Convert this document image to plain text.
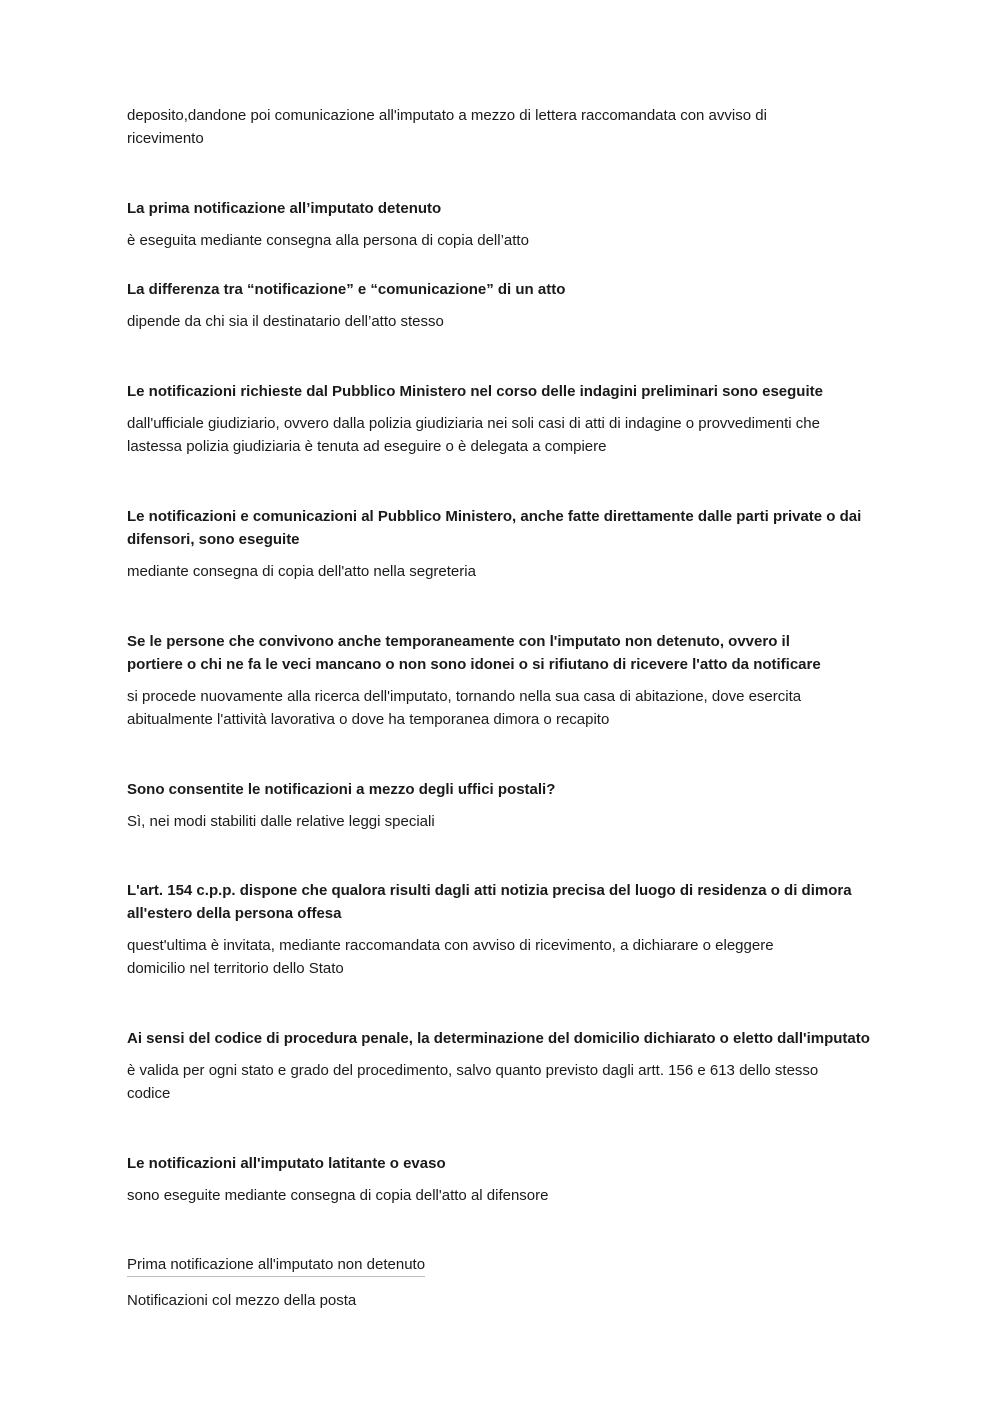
deposito,dandone poi comunicazione all'imputato a mezzo di lettera raccomandata con avviso di
ricevimento
La prima notificazione all’imputato detenuto
è eseguita mediante consegna alla persona di copia dell’atto
La differenza tra “notificazione” e “comunicazione” di un atto
dipende da chi sia il destinatario dell’atto stesso
Le notificazioni richieste dal Pubblico Ministero nel corso delle indagini preliminari sono eseguite
dall'ufficiale giudiziario, ovvero dalla polizia giudiziaria nei soli casi di atti di indagine o provvedimenti che
lastessa polizia giudiziaria è tenuta ad eseguire o è delegata a compiere
Le notificazioni e comunicazioni al Pubblico Ministero, anche fatte direttamente dalle parti private o dai
difensori, sono eseguite
mediante consegna di copia dell'atto nella segreteria
Se le persone che convivono anche temporaneamente con l'imputato non detenuto, ovvero il
portiere o chi ne fa le veci mancano o non sono idonei o si rifiutano di ricevere l'atto da notificare
si procede nuovamente alla ricerca dell'imputato, tornando nella sua casa di abitazione, dove esercita
abitualmente l'attività lavorativa o dove ha temporanea dimora o recapito
Sono consentite le notificazioni a mezzo degli uffici postali?
Sì, nei modi stabiliti dalle relative leggi speciali
L'art. 154 c.p.p. dispone che qualora risulti dagli atti notizia precisa del luogo di residenza o di dimora
all'estero della persona offesa
quest'ultima è invitata, mediante raccomandata con avviso di ricevimento, a dichiarare o eleggere
domicilio nel territorio dello Stato
Ai sensi del codice di procedura penale, la determinazione del domicilio dichiarato o eletto dall'imputato
è valida per ogni stato e grado del procedimento, salvo quanto previsto dagli artt. 156 e 613 dello stesso
codice
Le notificazioni all'imputato latitante o evaso
sono eseguite mediante consegna di copia dell'atto al difensore
Prima notificazione all'imputato non detenuto
Notificazioni col mezzo della posta
